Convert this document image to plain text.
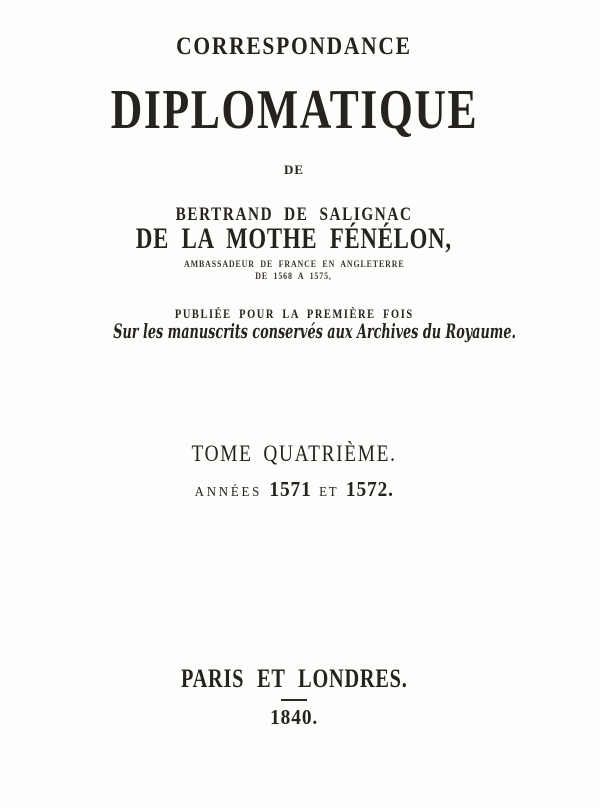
CORRESPONDANCE
DIPLOMATIQUE
DE
BERTRAND DE SALIGNAC
DE LA MOTHE FÉNÉLON,
AMBASSADEUR DE FRANCE EN ANGLETERRE
DE 1568 A 1575,
PUBLIÉE POUR LA PREMIÈRE FOIS
Sur les manuscrits conservés aux Archives du Royaume.
TOME QUATRIÈME.
ANNÉES 1571 ET 1572.
PARIS ET LONDRES.
1840.
